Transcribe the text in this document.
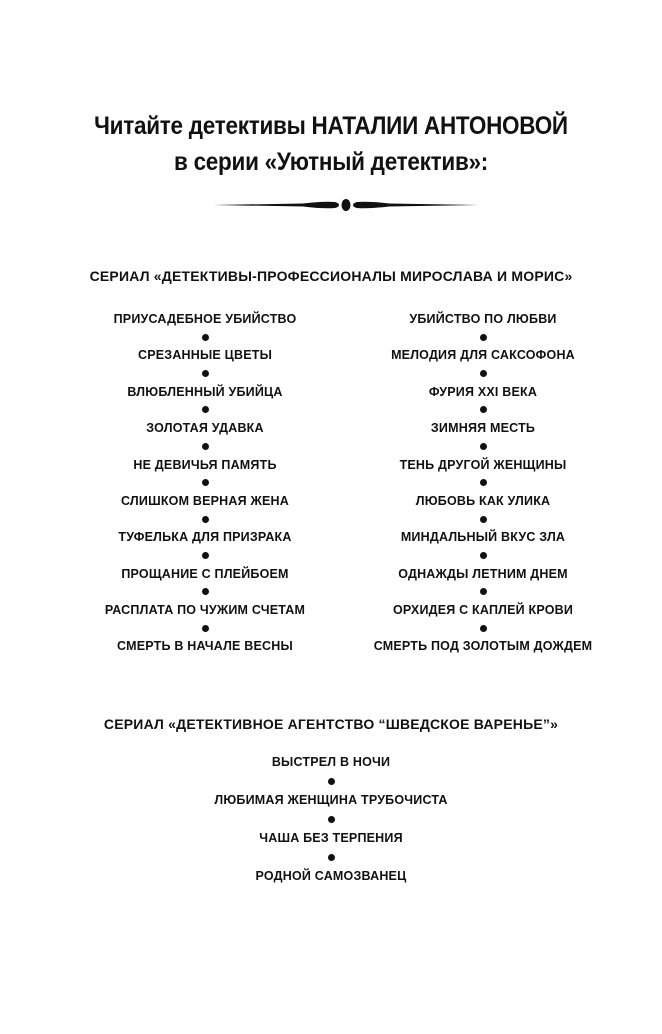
Читайте детективы НАТАЛИИ АНТОНОВОЙ
в серии «Уютный детектив»:
СЕРИАЛ «ДЕТЕКТИВЫ-ПРОФЕССИОНАЛЫ МИРОСЛАВА И МОРИС»
ПРИУСАДЕБНОЕ УБИЙСТВО
СРЕЗАННЫЕ ЦВЕТЫ
ВЛЮБЛЕННЫЙ УБИЙЦА
ЗОЛОТАЯ УДАВКА
НЕ ДЕВИЧЬЯ ПАМЯТЬ
СЛИШКОМ ВЕРНАЯ ЖЕНА
ТУФЕЛЬКА ДЛЯ ПРИЗРАКА
ПРОЩАНИЕ С ПЛЕЙБОЕМ
РАСПЛАТА ПО ЧУЖИМ СЧЕТАМ
СМЕРТЬ В НАЧАЛЕ ВЕСНЫ
УБИЙСТВО ПО ЛЮБВИ
МЕЛОДИЯ ДЛЯ САКСОФОНА
ФУРИЯ XXI ВЕКА
ЗИМНЯЯ МЕСТЬ
ТЕНЬ ДРУГОЙ ЖЕНЩИНЫ
ЛЮБОВЬ КАК УЛИКА
МИНДАЛЬНЫЙ ВКУС ЗЛА
ОДНАЖДЫ ЛЕТНИМ ДНЕМ
ОРХИДЕЯ С КАПЛЕЙ КРОВИ
СМЕРТЬ ПОД ЗОЛОТЫМ ДОЖДЕМ
СЕРИАЛ «ДЕТЕКТИВНОЕ АГЕНТСТВО “ШВЕДСКОЕ ВАРЕНЬЕ”»
ВЫСТРЕЛ В НОЧИ
ЛЮБИМАЯ ЖЕНЩИНА ТРУБОЧИСТА
ЧАША БЕЗ ТЕРПЕНИЯ
РОДНОЙ САМОЗВАНЕЦ
